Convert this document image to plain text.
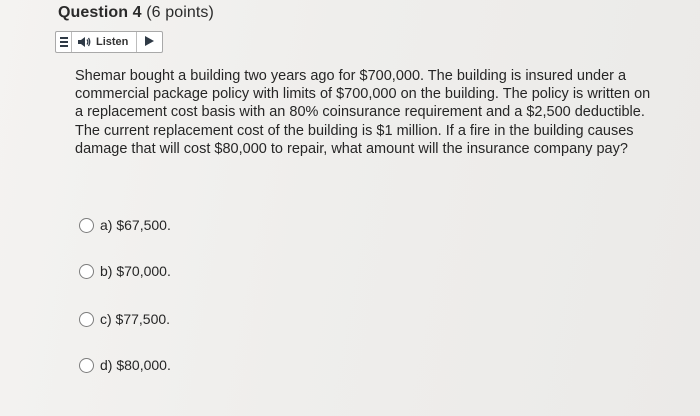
Question 4 (6 points)
Listen

Shemar bought a building two years ago for $700,000. The building is insured under a commercial package policy with limits of $700,000 on the building. The policy is written on a replacement cost basis with an 80% coinsurance requirement and a $2,500 deductible. The current replacement cost of the building is $1 million. If a fire in the building causes damage that will cost $80,000 to repair, what amount will the insurance company pay?

a) $67,500.
b) $70,000.
c) $77,500.
d) $80,000.
